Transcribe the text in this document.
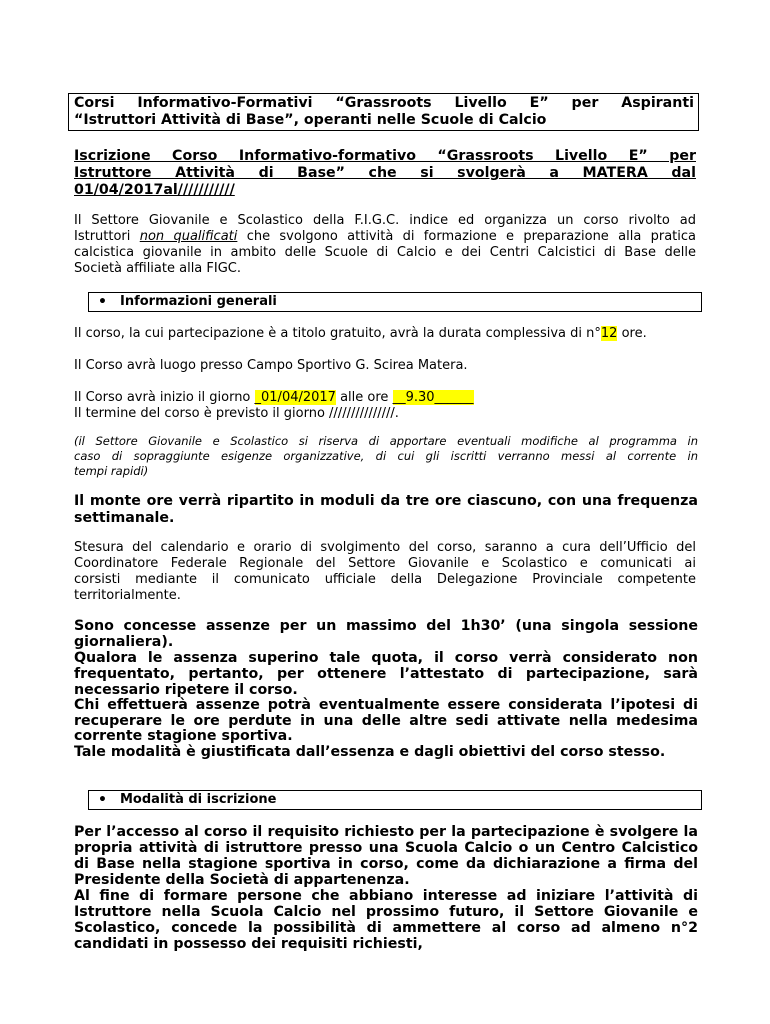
Corsi Informativo-Formativi “Grassroots Livello E” per Aspiranti
“Istruttori Attività di Base”, operanti nelle Scuole di Calcio
Iscrizione Corso Informativo-formativo “Grassroots Livello E” per
Istruttore Attività di Base” che si svolgerà a MATERA dal
01/04/2017al///////////
Il Settore Giovanile e Scolastico della F.I.G.C. indice ed organizza un corso rivolto ad
Istruttori non qualificati che svolgono attività di formazione e preparazione alla pratica
calcistica giovanile in ambito delle Scuole di Calcio e dei Centri Calcistici di Base delle
Società affiliate alla FIGC.
• Informazioni generali
Il corso, la cui partecipazione è a titolo gratuito, avrà la durata complessiva di n°12 ore.
Il Corso avrà luogo presso Campo Sportivo G. Scirea Matera.
Il Corso avrà inizio il giorno _01/04/2017 alle ore __9.30______
Il termine del corso è previsto il giorno ///////////////.
(il Settore Giovanile e Scolastico si riserva di apportare eventuali modifiche al programma in
caso di sopraggiunte esigenze organizzative, di cui gli iscritti verranno messi al corrente in
tempi rapidi)
Il monte ore verrà ripartito in moduli da tre ore ciascuno, con una frequenza
settimanale.
Stesura del calendario e orario di svolgimento del corso, saranno a cura dell’Ufficio del
Coordinatore Federale Regionale del Settore Giovanile e Scolastico e comunicati ai
corsisti mediante il comunicato ufficiale della Delegazione Provinciale competente
territorialmente.
Sono concesse assenze per un massimo del 1h30’ (una singola sessione
giornaliera).
Qualora le assenza superino tale quota, il corso verrà considerato non
frequentato, pertanto, per ottenere l’attestato di partecipazione, sarà
necessario ripetere il corso.
Chi effettuerà assenze potrà eventualmente essere considerata l’ipotesi di
recuperare le ore perdute in una delle altre sedi attivate nella medesima
corrente stagione sportiva.
Tale modalità è giustificata dall’essenza e dagli obiettivi del corso stesso.
• Modalità di iscrizione
Per l’accesso al corso il requisito richiesto per la partecipazione è svolgere la
propria attività di istruttore presso una Scuola Calcio o un Centro Calcistico
di Base nella stagione sportiva in corso, come da dichiarazione a firma del
Presidente della Società di appartenenza.
Al fine di formare persone che abbiano interesse ad iniziare l’attività di
Istruttore nella Scuola Calcio nel prossimo futuro, il Settore Giovanile e
Scolastico, concede la possibilità di ammettere al corso ad almeno n°2
candidati in possesso dei requisiti richiesti,
